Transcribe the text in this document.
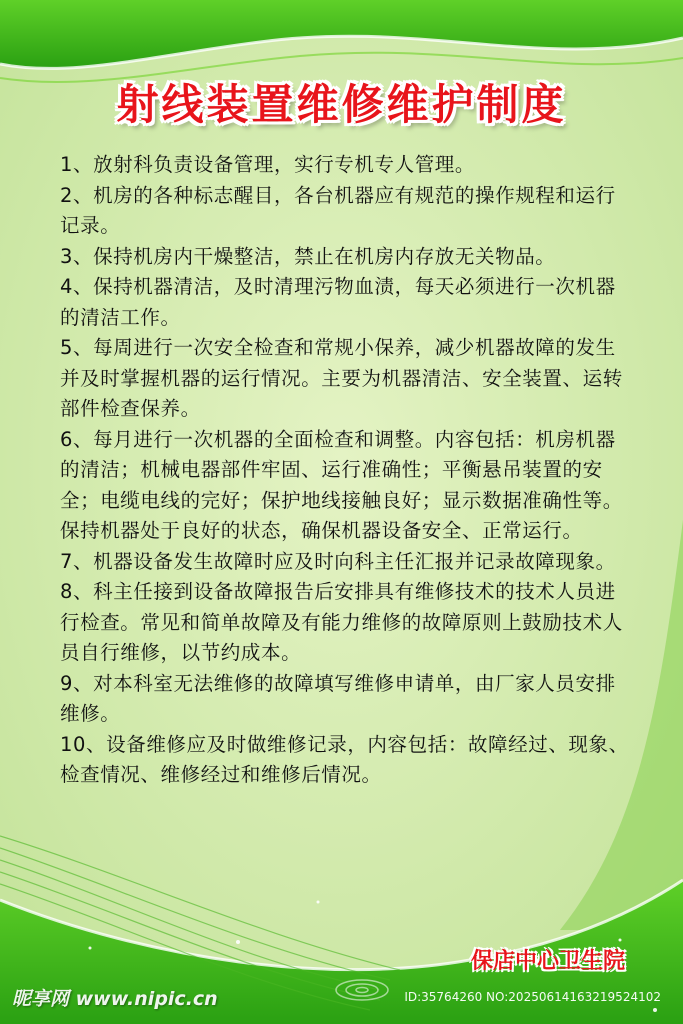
射线装置维修维护制度

1、放射科负责设备管理，实行专机专人管理。

2、机房的各种标志醒目，各台机器应有规范的操作规程和运行记录。

3、保持机房内干燥整洁，禁止在机房内存放无关物品。

4、保持机器清洁，及时清理污物血渍，每天必须进行一次机器的清洁工作。

5、每周进行一次安全检查和常规小保养，减少机器故障的发生并及时掌握机器的运行情况。主要为机器清洁、安全装置、运转部件检查保养。

6、每月进行一次机器的全面检查和调整。内容包括：机房机器的清洁；机械电器部件牢固、运行准确性；平衡悬吊装置的安全；电缆电线的完好；保护地线接触良好；显示数据准确性等。保持机器处于良好的状态，确保机器设备安全、正常运行。

7、机器设备发生故障时应及时向科主任汇报并记录故障现象。

8、科主任接到设备故障报告后安排具有维修技术的技术人员进行检查。常见和简单故障及有能力维修的故障原则上鼓励技术人员自行维修，以节约成本。

9、对本科室无法维修的故障填写维修申请单，由厂家人员安排维修。

10、设备维修应及时做维修记录，内容包括：故障经过、现象、检查情况、维修经过和维修后情况。

保店中心卫生院
昵享网 www.nipic.cn	ID:35764260 NO:20250614163219524102
